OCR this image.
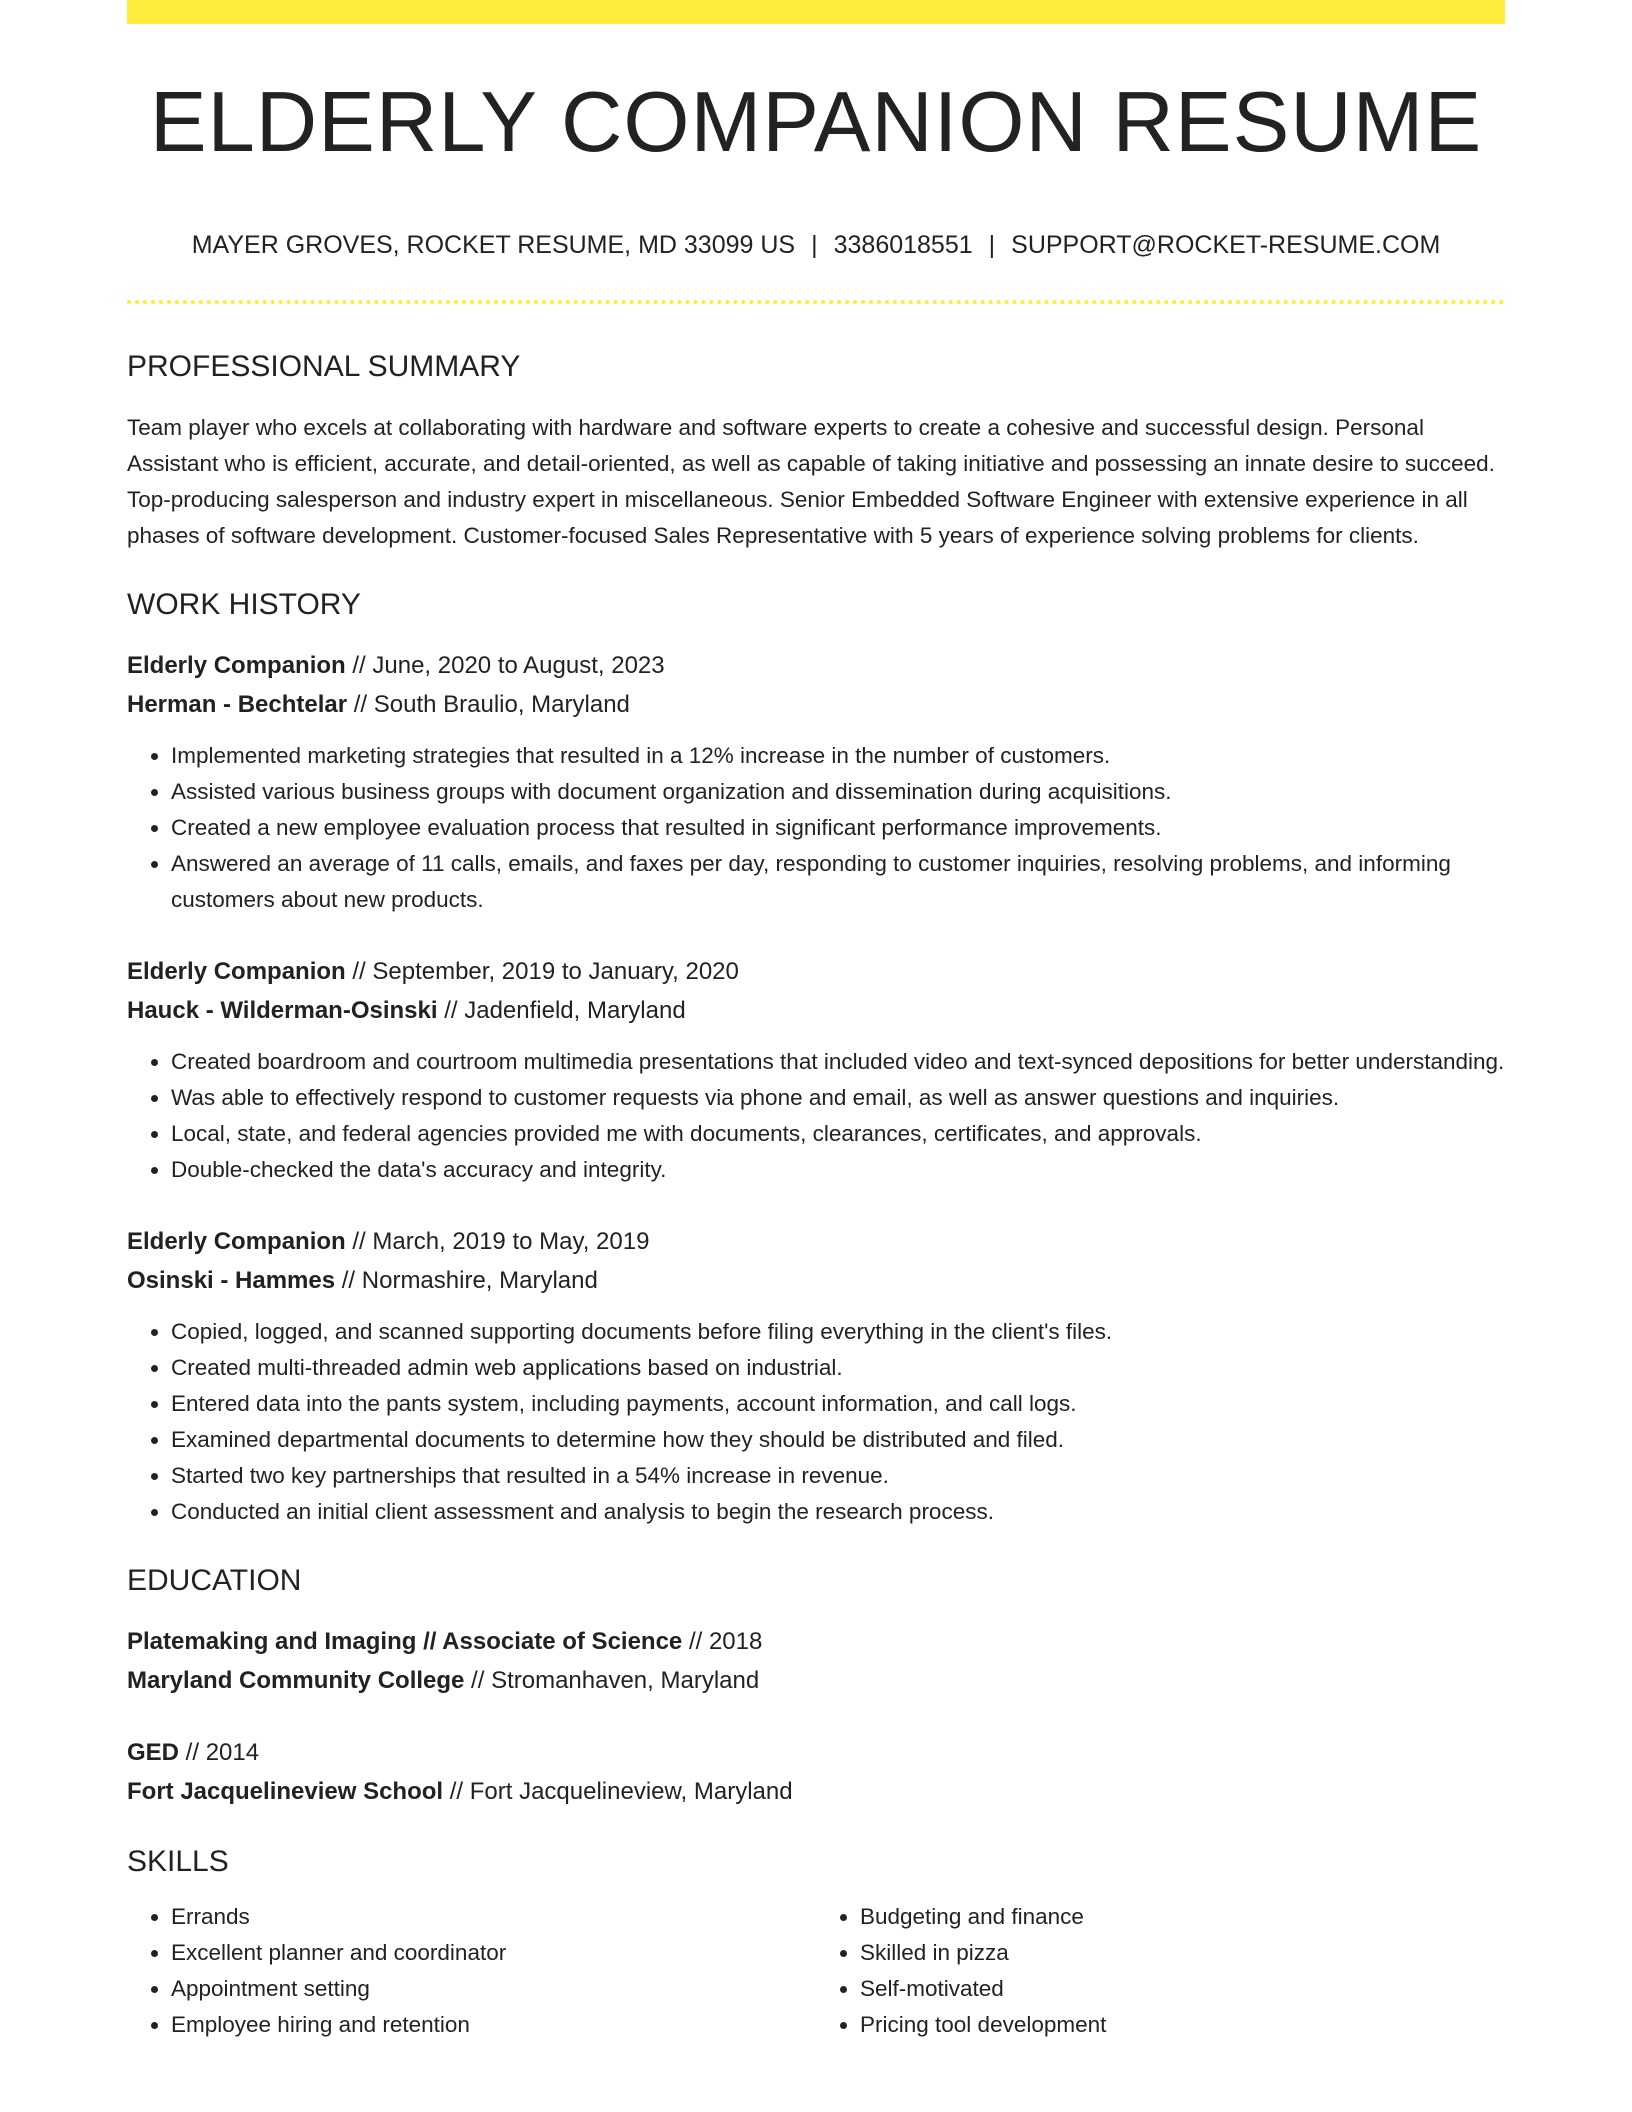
ELDERLY COMPANION RESUME
MAYER GROVES, ROCKET RESUME, MD 33099 US | 3386018551 | SUPPORT@ROCKET-RESUME.COM
PROFESSIONAL SUMMARY
Team player who excels at collaborating with hardware and software experts to create a cohesive and successful design. Personal Assistant who is efficient, accurate, and detail-oriented, as well as capable of taking initiative and possessing an innate desire to succeed. Top-producing salesperson and industry expert in miscellaneous. Senior Embedded Software Engineer with extensive experience in all phases of software development. Customer-focused Sales Representative with 5 years of experience solving problems for clients.
WORK HISTORY
Elderly Companion // June, 2020 to August, 2023
Herman - Bechtelar // South Braulio, Maryland
• Implemented marketing strategies that resulted in a 12% increase in the number of customers.
• Assisted various business groups with document organization and dissemination during acquisitions.
• Created a new employee evaluation process that resulted in significant performance improvements.
• Answered an average of 11 calls, emails, and faxes per day, responding to customer inquiries, resolving problems, and informing customers about new products.
Elderly Companion // September, 2019 to January, 2020
Hauck - Wilderman-Osinski // Jadenfield, Maryland
• Created boardroom and courtroom multimedia presentations that included video and text-synced depositions for better understanding.
• Was able to effectively respond to customer requests via phone and email, as well as answer questions and inquiries.
• Local, state, and federal agencies provided me with documents, clearances, certificates, and approvals.
• Double-checked the data's accuracy and integrity.
Elderly Companion // March, 2019 to May, 2019
Osinski - Hammes // Normashire, Maryland
• Copied, logged, and scanned supporting documents before filing everything in the client's files.
• Created multi-threaded admin web applications based on industrial.
• Entered data into the pants system, including payments, account information, and call logs.
• Examined departmental documents to determine how they should be distributed and filed.
• Started two key partnerships that resulted in a 54% increase in revenue.
• Conducted an initial client assessment and analysis to begin the research process.
EDUCATION
Platemaking and Imaging // Associate of Science // 2018
Maryland Community College // Stromanhaven, Maryland
GED // 2014
Fort Jacquelineview School // Fort Jacquelineview, Maryland
SKILLS
• Errands
• Excellent planner and coordinator
• Appointment setting
• Employee hiring and retention
• Budgeting and finance
• Skilled in pizza
• Self-motivated
• Pricing tool development
